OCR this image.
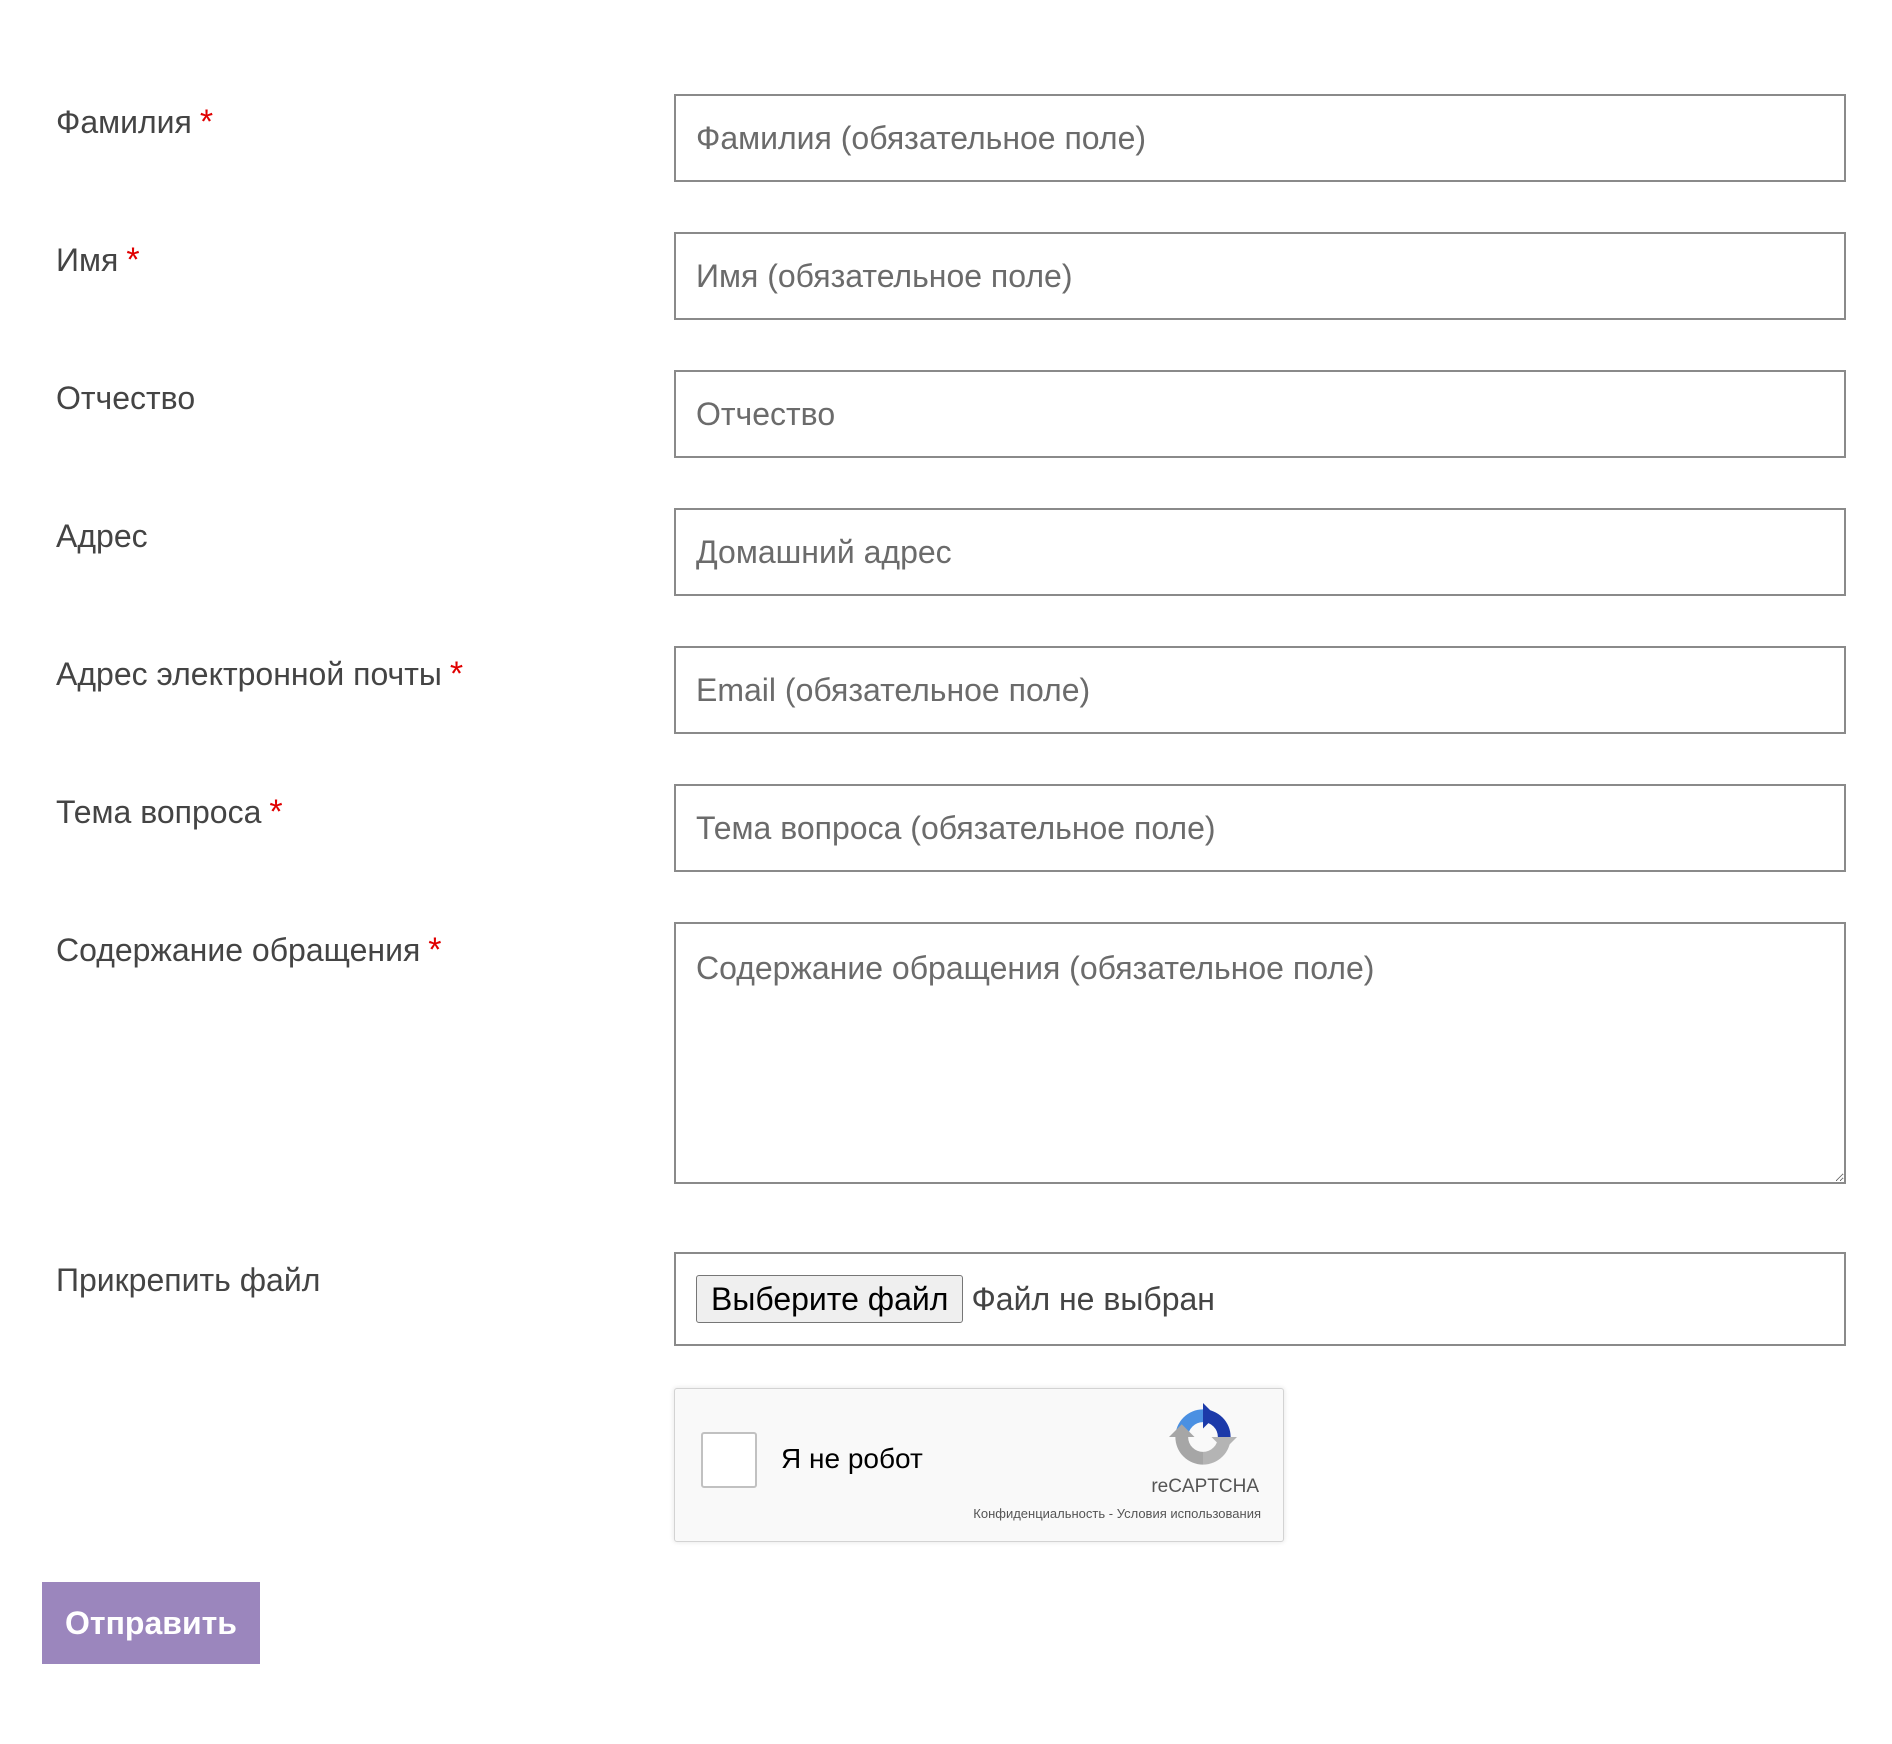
Фамилия *
Фамилия (обязательное поле)
Имя *
Имя (обязательное поле)
Отчество
Отчество
Адрес
Домашний адрес
Адрес электронной почты *
Email (обязательное поле)
Тема вопроса *
Тема вопроса (обязательное поле)
Содержание обращения *
Содержание обращения (обязательное поле)
Прикрепить файл
Выберите файл Файл не выбран
Я не робот
reCAPTCHA
Конфиденциальность - Условия использования
Отправить
